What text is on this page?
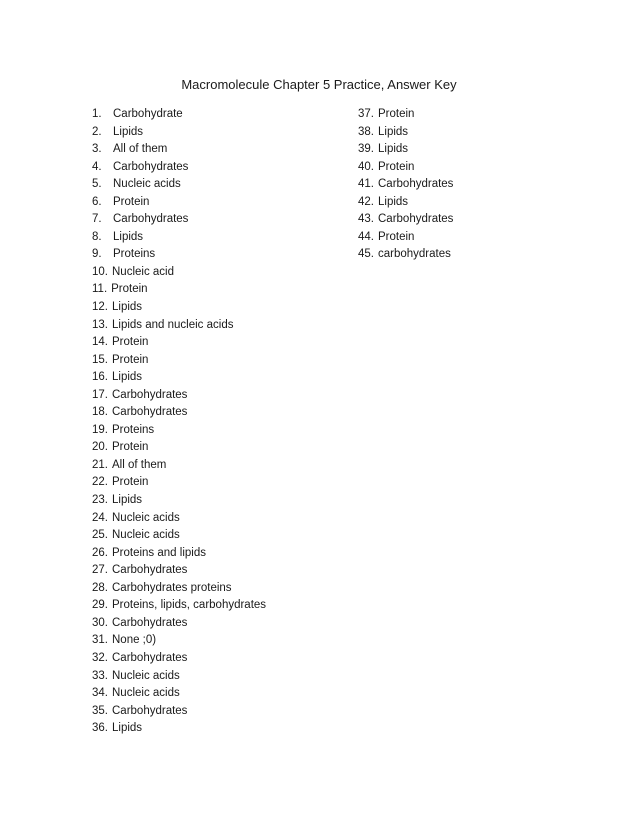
Macromolecule Chapter 5 Practice, Answer Key
1. Carbohydrate
2. Lipids
3. All of them
4. Carbohydrates
5. Nucleic acids
6. Protein
7. Carbohydrates
8. Lipids
9. Proteins
10. Nucleic acid
11. Protein
12. Lipids
13. Lipids and nucleic acids
14. Protein
15. Protein
16. Lipids
17. Carbohydrates
18. Carbohydrates
19. Proteins
20. Protein
21. All of them
22. Protein
23. Lipids
24. Nucleic acids
25. Nucleic acids
26. Proteins and lipids
27. Carbohydrates
28. Carbohydrates proteins
29. Proteins, lipids, carbohydrates
30. Carbohydrates
31. None ;0)
32. Carbohydrates
33. Nucleic acids
34. Nucleic acids
35. Carbohydrates
36. Lipids
37. Protein
38. Lipids
39. Lipids
40. Protein
41. Carbohydrates
42. Lipids
43. Carbohydrates
44. Protein
45. carbohydrates
